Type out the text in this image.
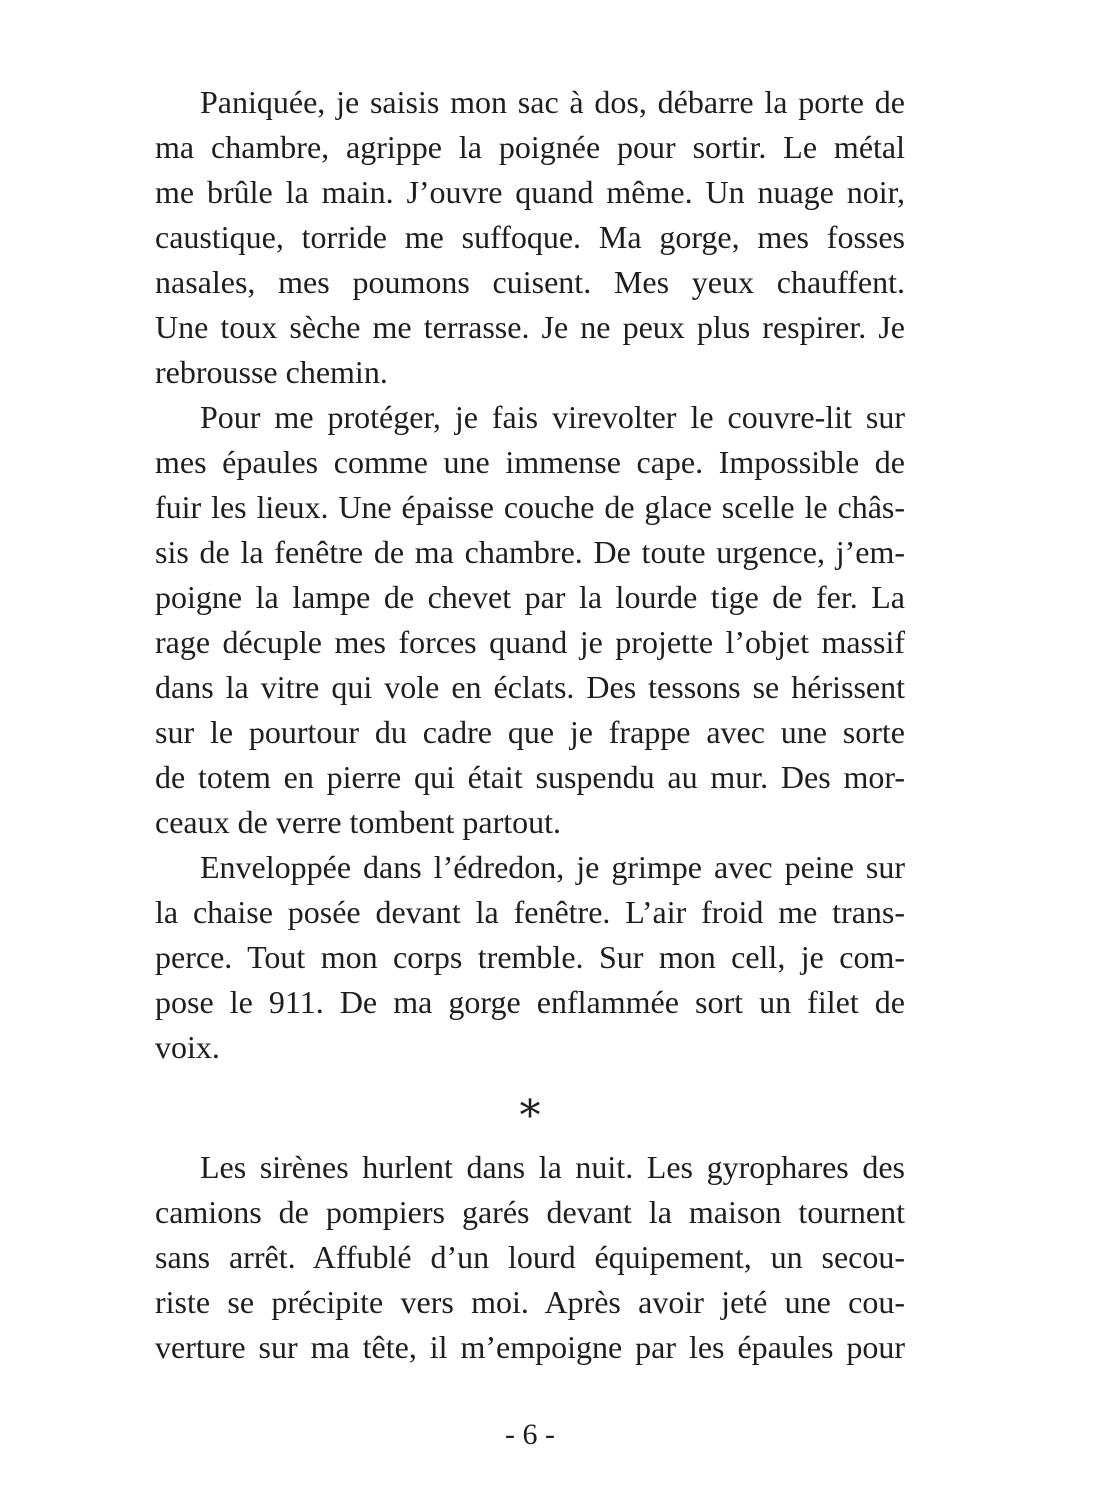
Paniquée, je saisis mon sac à dos, débarre la porte de
ma chambre, agrippe la poignée pour sortir. Le métal
me brûle la main. J’ouvre quand même. Un nuage noir,
caustique, torride me suffoque. Ma gorge, mes fosses
nasales, mes poumons cuisent. Mes yeux chauffent.
Une toux sèche me terrasse. Je ne peux plus respirer. Je
rebrousse chemin.

Pour me protéger, je fais virevolter le couvre-lit sur
mes épaules comme une immense cape. Impossible de
fuir les lieux. Une épaisse couche de glace scelle le châs-
sis de la fenêtre de ma chambre. De toute urgence, j’em-
poigne la lampe de chevet par la lourde tige de fer. La
rage décuple mes forces quand je projette l’objet massif
dans la vitre qui vole en éclats. Des tessons se hérissent
sur le pourtour du cadre que je frappe avec une sorte
de totem en pierre qui était suspendu au mur. Des mor-
ceaux de verre tombent partout.

Enveloppée dans l’édredon, je grimpe avec peine sur
la chaise posée devant la fenêtre. L’air froid me trans-
perce. Tout mon corps tremble. Sur mon cell, je com-
pose le 911. De ma gorge enflammée sort un filet de
voix.

∗

Les sirènes hurlent dans la nuit. Les gyrophares des
camions de pompiers garés devant la maison tournent
sans arrêt. Affublé d’un lourd équipement, un secou-
riste se précipite vers moi. Après avoir jeté une cou-
verture sur ma tête, il m’empoigne par les épaules pour

- 6 -
